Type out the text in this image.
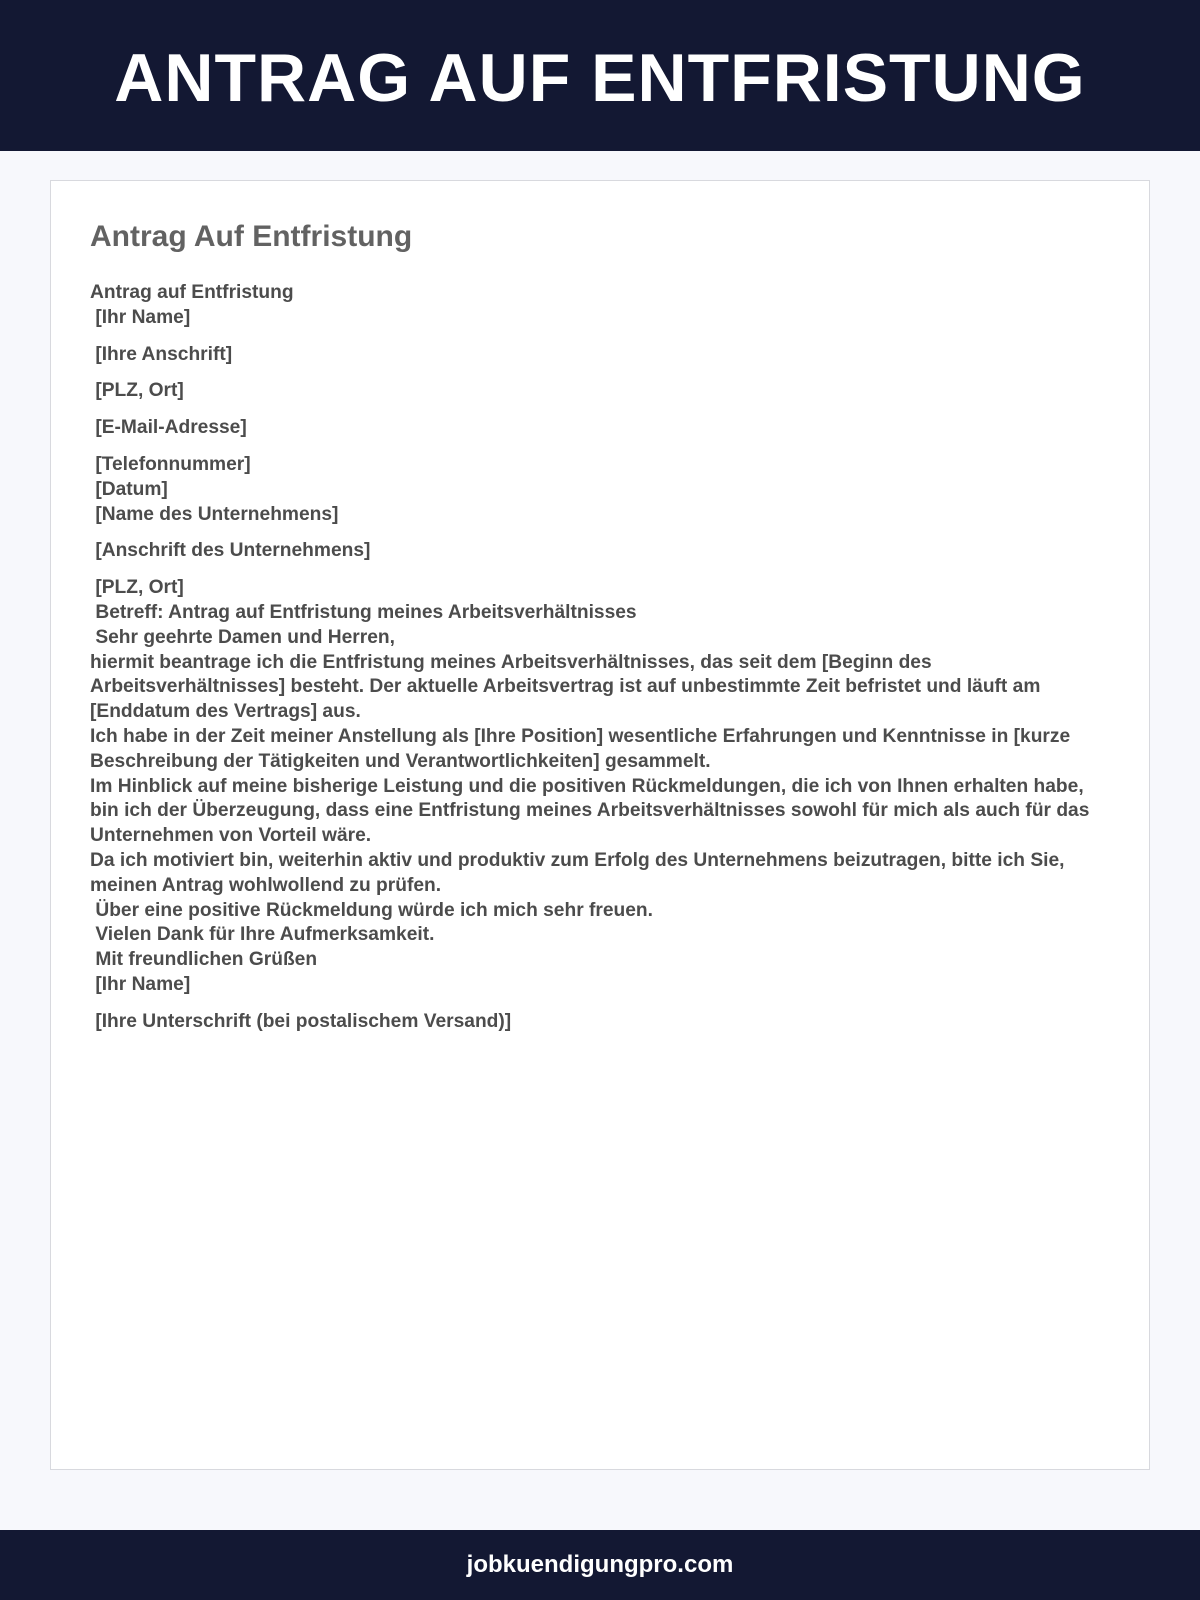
ANTRAG AUF ENTFRISTUNG
Antrag Auf Entfristung
Antrag auf Entfristung
[Ihr Name]
[Ihre Anschrift]
[PLZ, Ort]
[E-Mail-Adresse]
[Telefonnummer]
[Datum]
[Name des Unternehmens]
[Anschrift des Unternehmens]
[PLZ, Ort]
Betreff: Antrag auf Entfristung meines Arbeitsverhältnisses
Sehr geehrte Damen und Herren,
hiermit beantrage ich die Entfristung meines Arbeitsverhältnisses, das seit dem [Beginn des Arbeitsverhältnisses] besteht. Der aktuelle Arbeitsvertrag ist auf unbestimmte Zeit befristet und läuft am [Enddatum des Vertrags] aus.
Ich habe in der Zeit meiner Anstellung als [Ihre Position] wesentliche Erfahrungen und Kenntnisse in [kurze Beschreibung der Tätigkeiten und Verantwortlichkeiten] gesammelt.
Im Hinblick auf meine bisherige Leistung und die positiven Rückmeldungen, die ich von Ihnen erhalten habe, bin ich der Überzeugung, dass eine Entfristung meines Arbeitsverhältnisses sowohl für mich als auch für das Unternehmen von Vorteil wäre.
Da ich motiviert bin, weiterhin aktiv und produktiv zum Erfolg des Unternehmens beizutragen, bitte ich Sie, meinen Antrag wohlwollend zu prüfen.
Über eine positive Rückmeldung würde ich mich sehr freuen.
Vielen Dank für Ihre Aufmerksamkeit.
Mit freundlichen Grüßen
[Ihr Name]
[Ihre Unterschrift (bei postalischem Versand)]
jobkuendigungpro.com
